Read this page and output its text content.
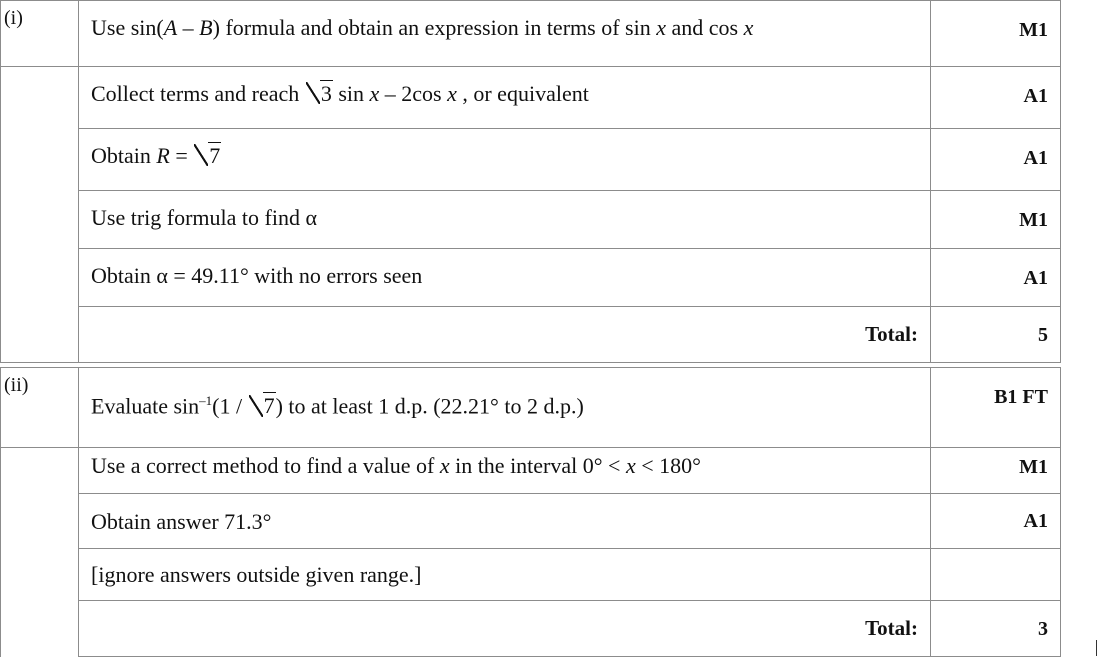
(i)	Use sin(A – B) formula and obtain an expression in terms of sin x and cos x	M1
	Collect terms and reach 3 sin x – 2cos x , or equivalent	A1
	Obtain R = 7	A1
	Use trig formula to find α	M1
	Obtain α = 49.11° with no errors seen	A1
	Total:	5

(ii)	Evaluate $\sin^{-1}(1 / 7)$ to at least 1 d.p. (22.21° to 2 d.p.)	B1 FT
	Use a correct method to find a value of x in the interval 0° < x < 180°	M1
	Obtain answer 71.3°	A1
	[ignore answers outside given range.]	
	Total:	3
